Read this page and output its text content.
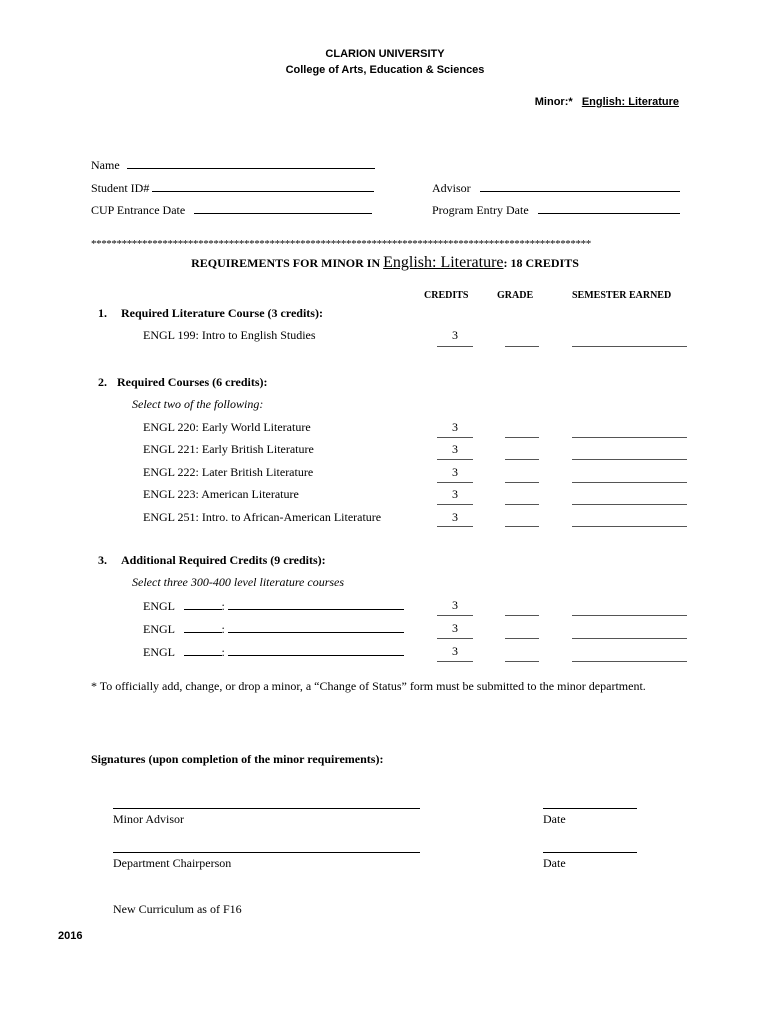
CLARION UNIVERSITY
College of Arts, Education & Sciences
Minor:* English: Literature
Name
Student ID#	Advisor
CUP Entrance Date	Program Entry Date
**************************************************************************************************
REQUIREMENTS FOR MINOR IN English: Literature: 18 CREDITS
CREDITS	GRADE	SEMESTER EARNED
1. Required Literature Course (3 credits):
ENGL 199: Intro to English Studies	3
2. Required Courses (6 credits):
Select two of the following:
ENGL 220: Early World Literature	3
ENGL 221: Early British Literature	3
ENGL 222: Later British Literature	3
ENGL 223: American Literature	3
ENGL 251: Intro. to African-American Literature	3
3. Additional Required Credits (9 credits):
Select three 300-400 level literature courses
ENGL	:	3
ENGL	:	3
ENGL	:	3
* To officially add, change, or drop a minor, a “Change of Status” form must be submitted to the minor department.
Signatures (upon completion of the minor requirements):
Minor Advisor	Date
Department Chairperson	Date
New Curriculum as of F16
2016
